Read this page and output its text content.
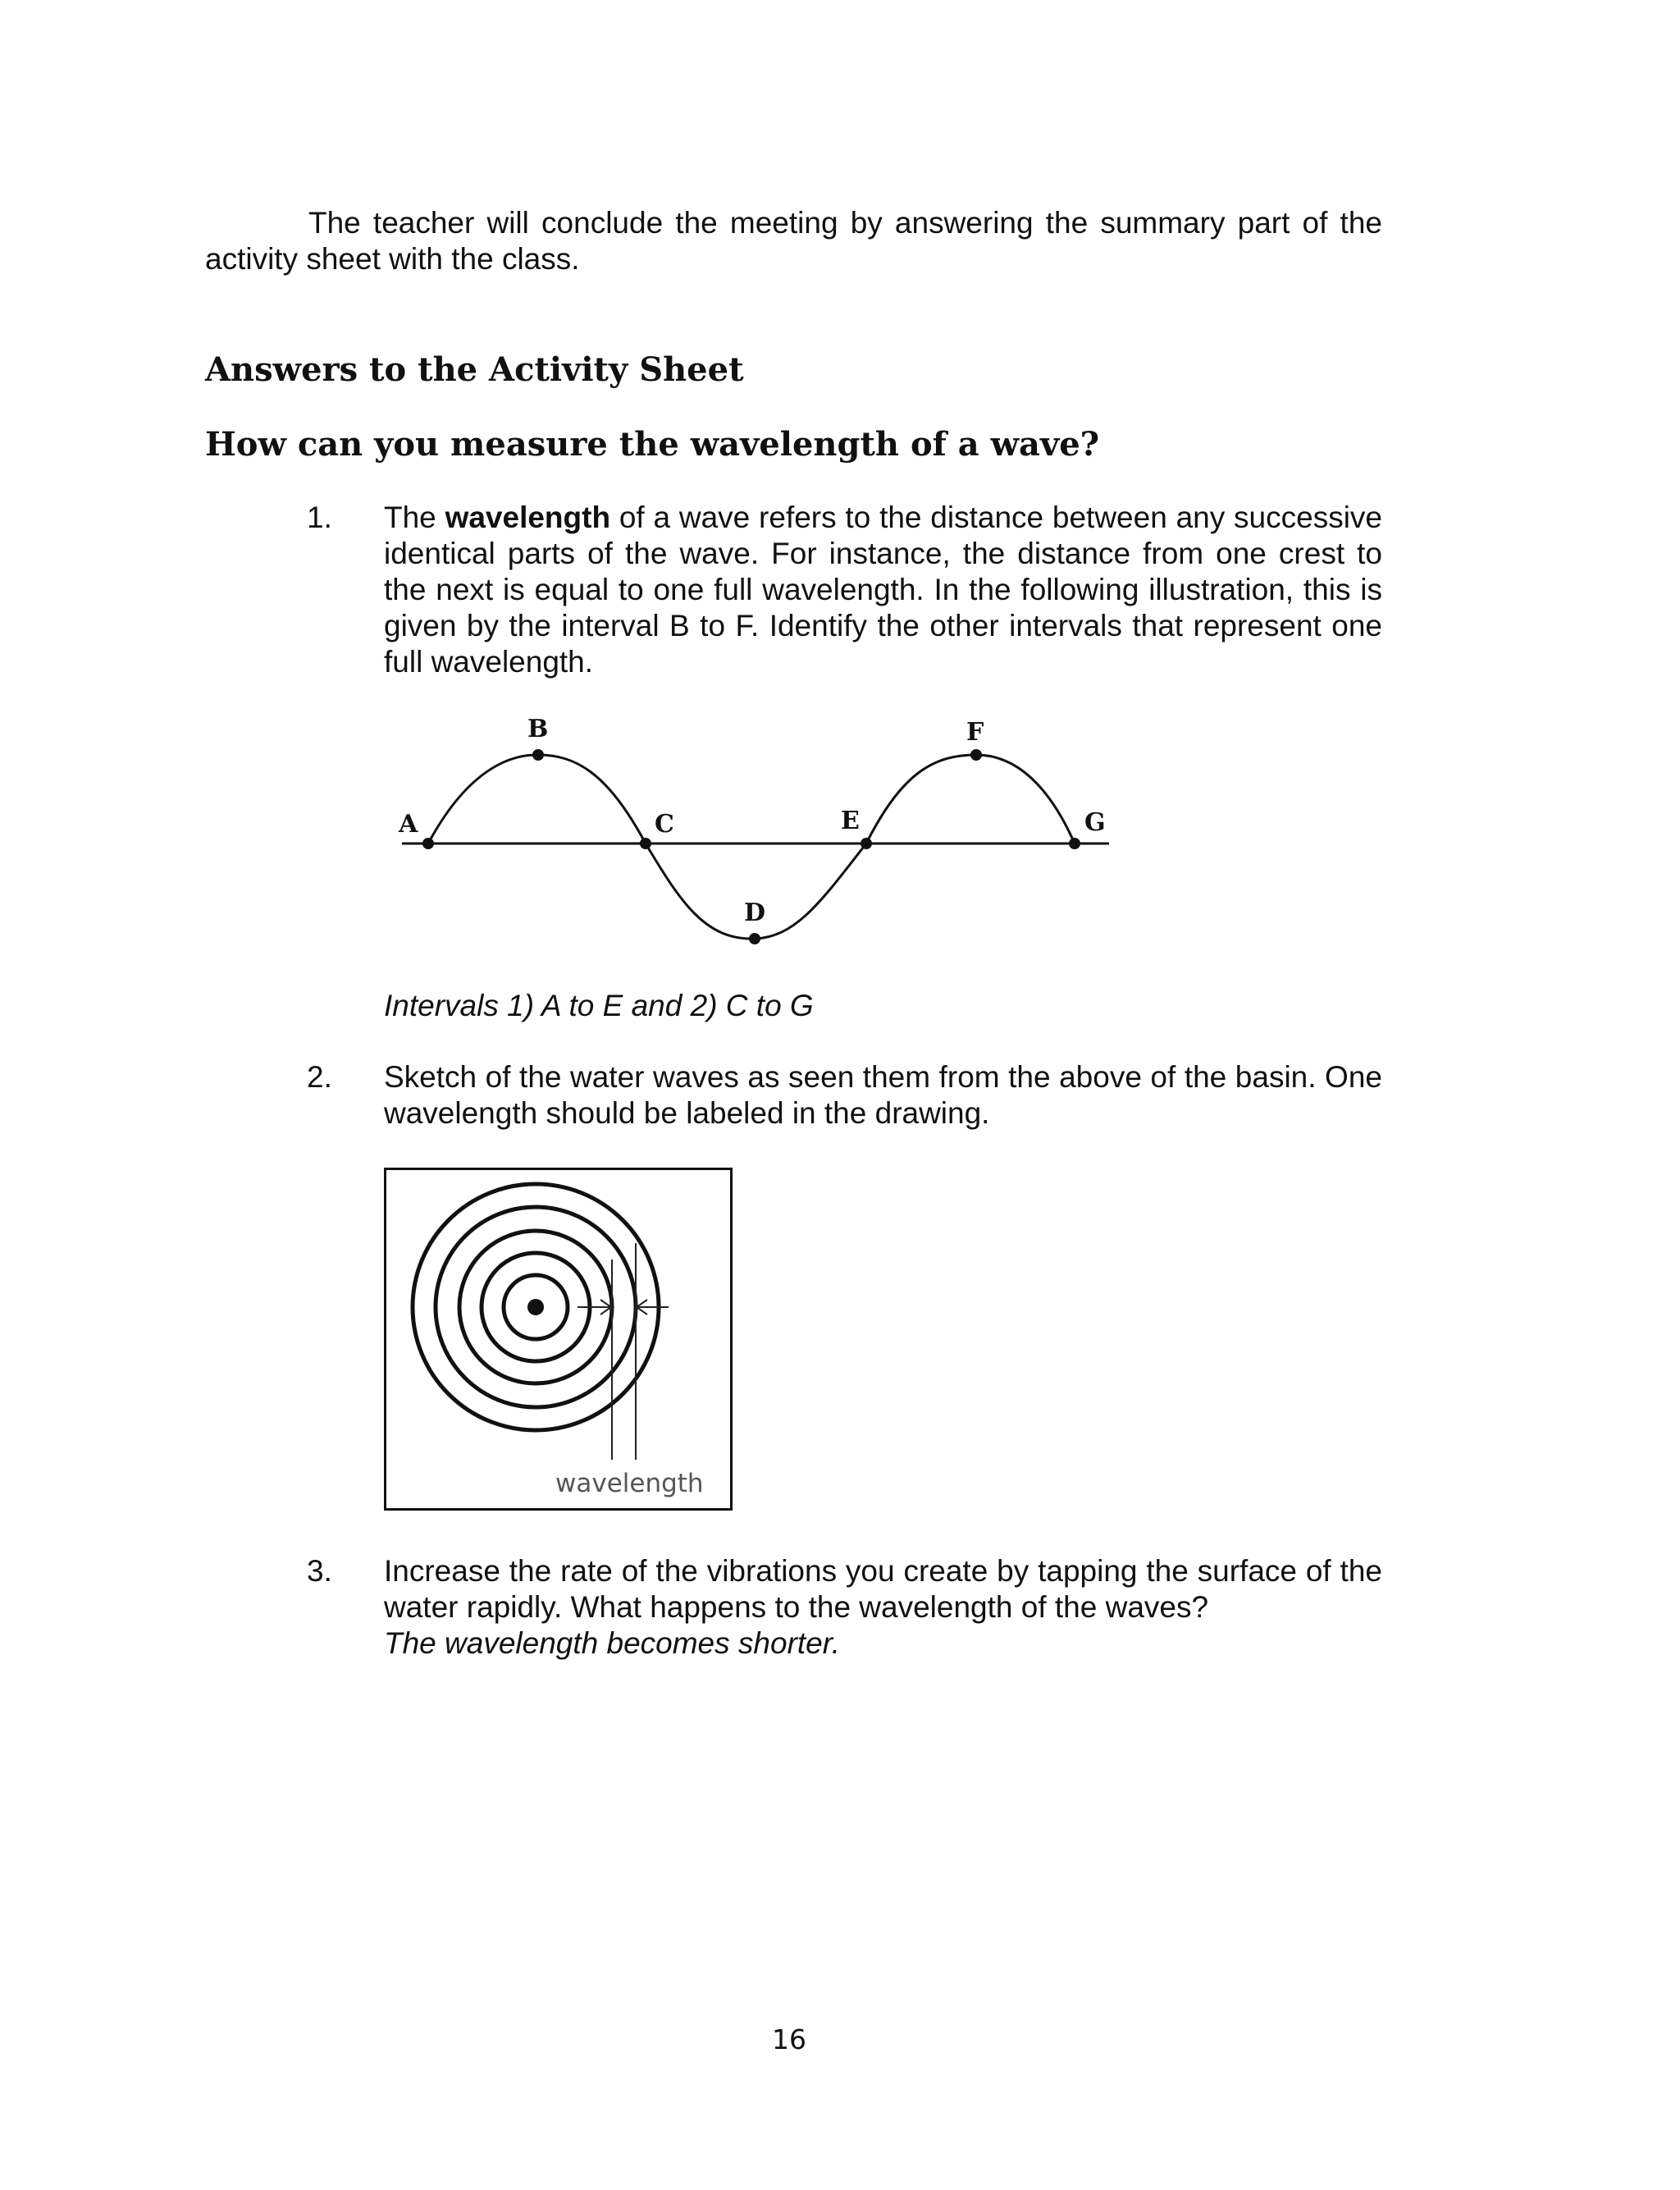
The teacher will conclude the meeting by answering the summary part of the activity sheet with the class.

Answers to the Activity Sheet
How can you measure the wavelength of a wave?
1. The wavelength of a wave refers to the distance between any successive identical parts of the wave. For instance, the distance from one crest to the next is equal to one full wavelength. In the following illustration, this is given by the interval B to F. Identify the other intervals that represent one full wavelength.

A
B
C
D
E
F
G
Intervals 1) A to E and 2) C to G
2. Sketch of the water waves as seen them from the above of the basin. One wavelength should be labeled in the drawing.
wavelength
3. Increase the rate of the vibrations you create by tapping the surface of the water rapidly. What happens to the wavelength of the waves?
The wavelength becomes shorter.
16
